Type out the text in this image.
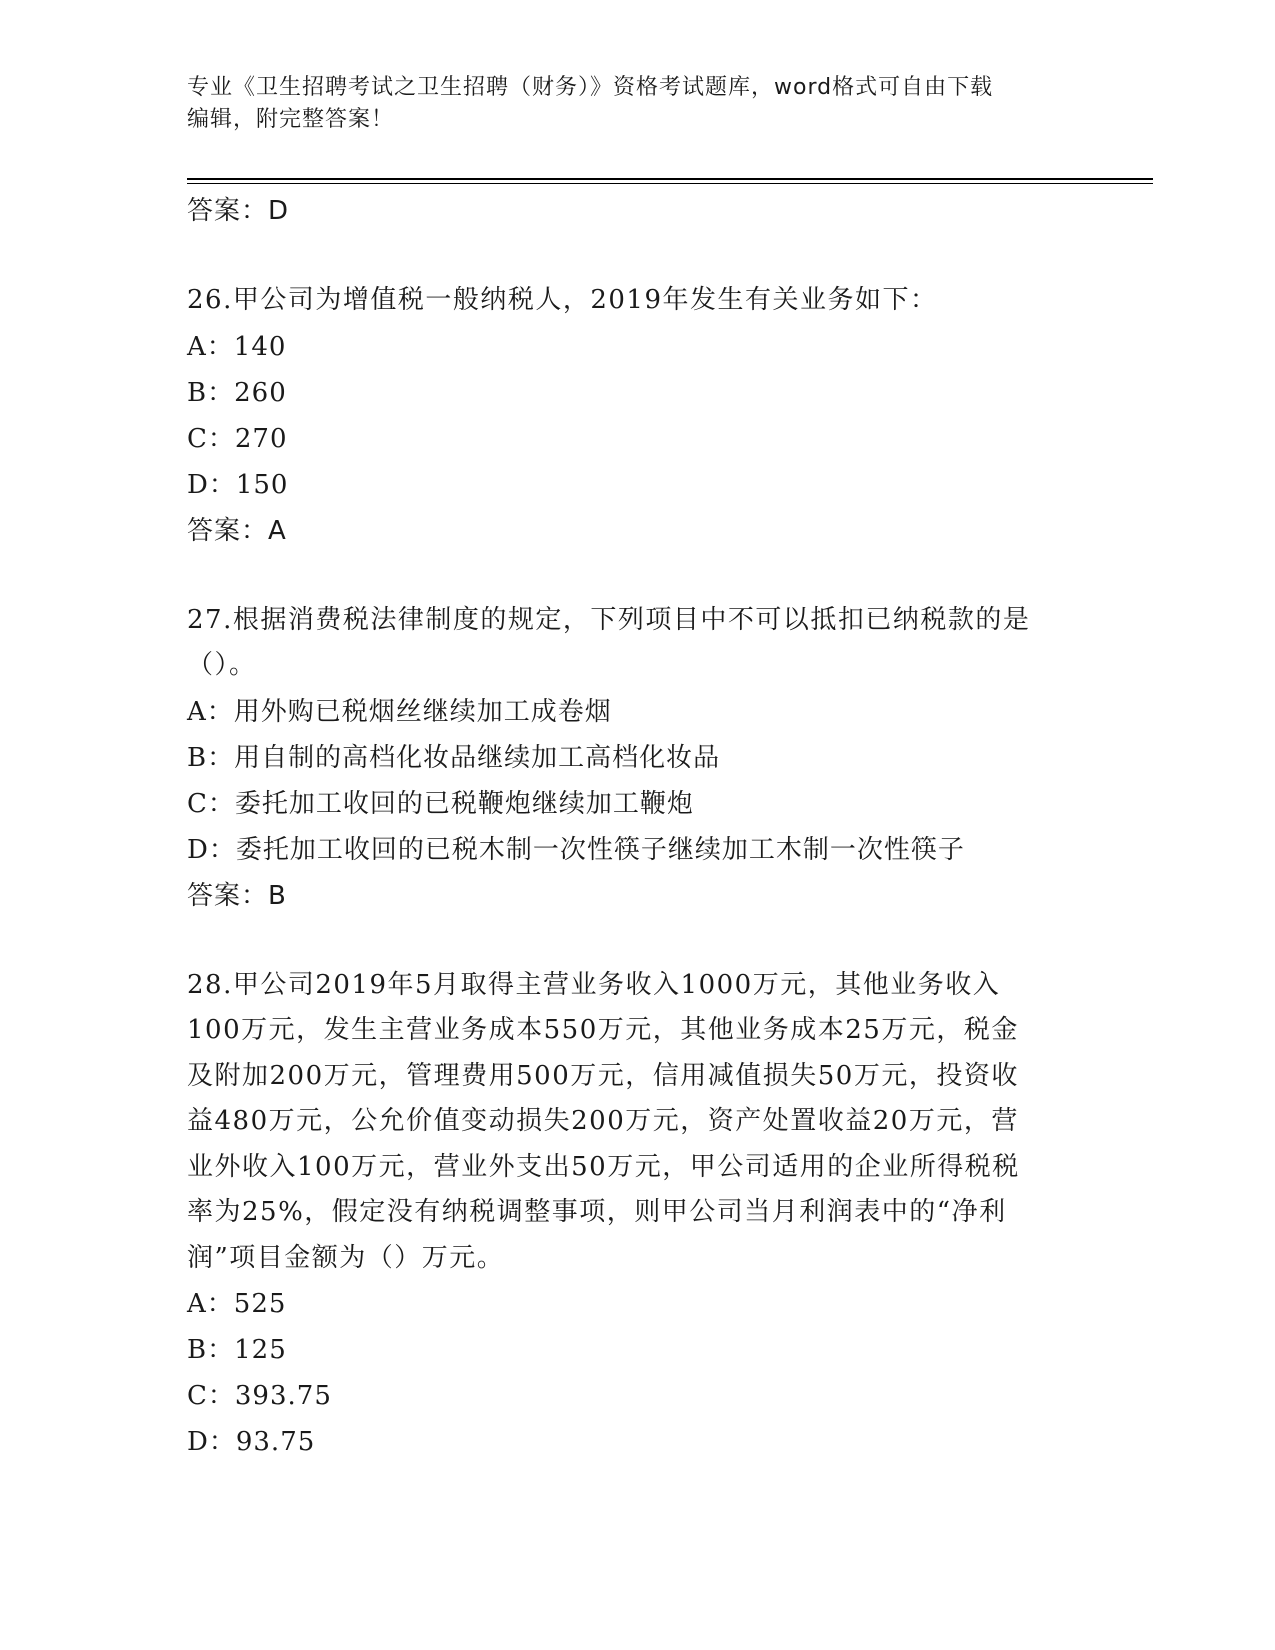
专业《卫生招聘考试之卫生招聘（财务）》资格考试题库，word格式可自由下载
编辑，附完整答案！
答案：D
26.甲公司为增值税一般纳税人，2019年发生有关业务如下：
A：140
B：260
C：270
D：150
答案：A
27.根据消费税法律制度的规定，下列项目中不可以抵扣已纳税款的是
（）。
A：用外购已税烟丝继续加工成卷烟
B：用自制的高档化妆品继续加工高档化妆品
C：委托加工收回的已税鞭炮继续加工鞭炮
D：委托加工收回的已税木制一次性筷子继续加工木制一次性筷子
答案：B
28.甲公司2019年5月取得主营业务收入1000万元，其他业务收入
100万元，发生主营业务成本550万元，其他业务成本25万元，税金
及附加200万元，管理费用500万元，信用减值损失50万元，投资收
益480万元，公允价值变动损失200万元，资产处置收益20万元，营
业外收入100万元，营业外支出50万元，甲公司适用的企业所得税税
率为25%，假定没有纳税调整事项，则甲公司当月利润表中的“净利
润”项目金额为（）万元。
A：525
B：125
C：393.75
D：93.75
